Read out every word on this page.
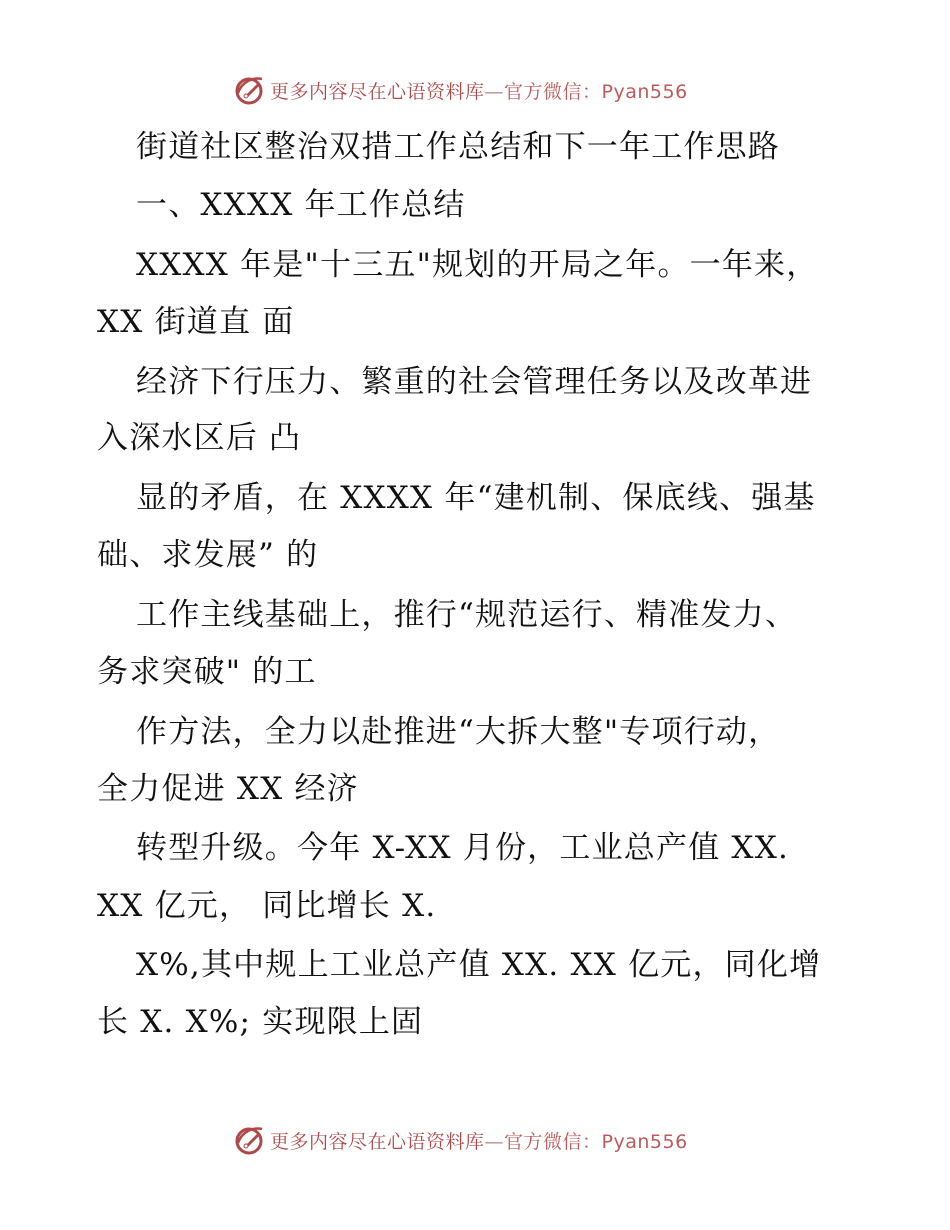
更多内容尽在心语资料库—官方微信：Pyan556
街道社区整治双措工作总结和下一年工作思路
一、XXXX 年工作总结
XXXX 年是"十三五"规划的开局之年。一年来，
XX 街道直 面
经济下行压力、繁重的社会管理任务以及改革进
入深水区后 凸
显的矛盾，在 XXXX 年“建机制、保底线、强基
础、求发展” 的
工作主线基础上，推行“规范运行、精准发力、
务求突破" 的工
作方法，全力以赴推进“大拆大整"专项行动，
全力促进 XX 经济
转型升级。今年 X-XX 月份，工业总产值 XX.
XX 亿元， 同比增长 X.
X%,其中规上工业总产值 XX. XX 亿元，同化增
长 X. X%; 实现限上固
更多内容尽在心语资料库—官方微信：Pyan556
